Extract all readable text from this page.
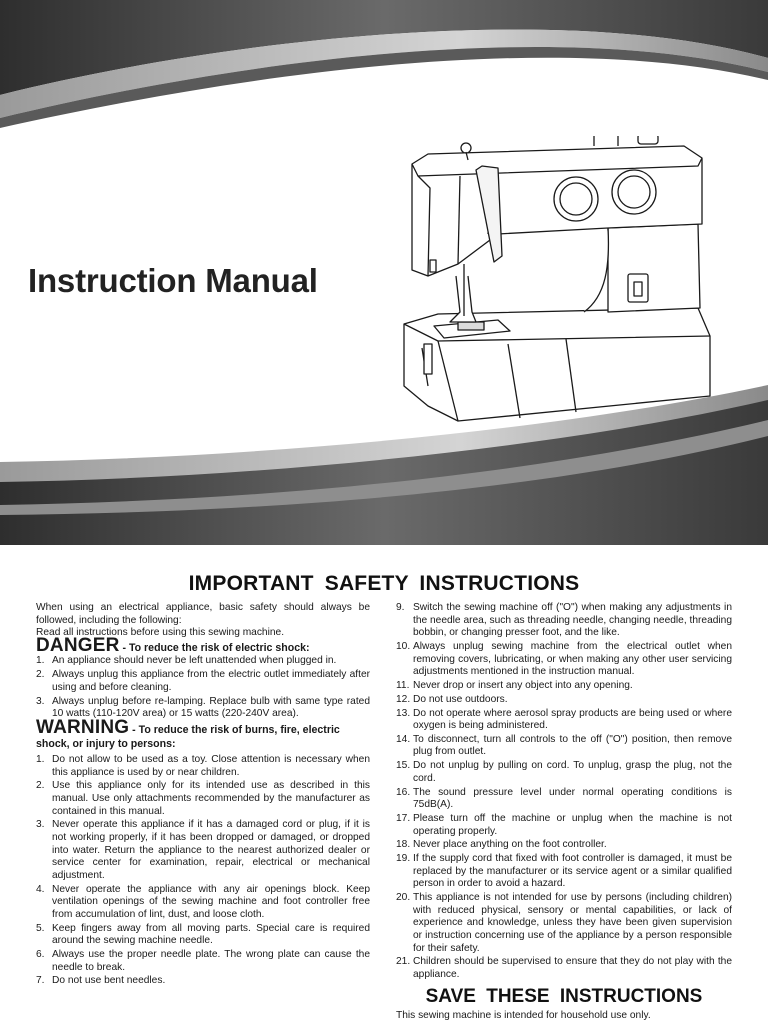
Instruction Manual
IMPORTANT SAFETY INSTRUCTIONS

When using an electrical appliance, basic safety should always be followed, including the following:

Read all instructions before using this sewing machine.

DANGER - To reduce the risk of electric shock:

1. An appliance should never be left unattended when plugged in.
2. Always unplug this appliance from the electric outlet immediately after using and before cleaning.
3. Always unplug before re-lamping. Replace bulb with same type rated 10 watts (110-120V area) or 15 watts (220-240V area).

WARNING - To reduce the risk of burns, fire, electric shock, or injury to persons:

1. Do not allow to be used as a toy. Close attention is necessary when this appliance is used by or near children.
2. Use this appliance only for its intended use as described in this manual. Use only attachments recommended by the manufacturer as contained in this manual.
3. Never operate this appliance if it has a damaged cord or plug, if it is not working properly, if it has been dropped or damaged, or dropped into water. Return the appliance to the nearest authorized dealer or service center for examination, repair, electrical or mechanical adjustment.
4. Never operate the appliance with any air openings block. Keep ventilation openings of the sewing machine and foot controller free from accumulation of lint, dust, and loose cloth.
5. Keep fingers away from all moving parts. Special care is required around the sewing machine needle.
6. Always use the proper needle plate. The wrong plate can cause the needle to break.
7. Do not use bent needles.
9. Switch the sewing machine off ("O") when making any adjustments in the needle area, such as threading needle, changing needle, threading bobbin, or changing presser foot, and the like.
10. Always unplug sewing machine from the electrical outlet when removing covers, lubricating, or when making any other user servicing adjustments mentioned in the instruction manual.
11. Never drop or insert any object into any opening.
12. Do not use outdoors.
13. Do not operate where aerosol spray products are being used or where oxygen is being administered.
14. To disconnect, turn all controls to the off ("O") position, then remove plug from outlet.
15. Do not unplug by pulling on cord. To unplug, grasp the plug, not the cord.
16. The sound pressure level under normal operating conditions is 75dB(A).
17. Please turn off the machine or unplug when the machine is not operating properly.
18. Never place anything on the foot controller.
19. If the supply cord that fixed with foot controller is damaged, it must be replaced by the manufacturer or its service agent or a similar qualified person in order to avoid a hazard.
20. This appliance is not intended for use by persons (including children) with reduced physical, sensory or mental capabilities, or lack of experience and knowledge, unless they have been given supervision or instruction concerning use of the appliance by a person responsible for their safety.
21. Children should be supervised to ensure that they do not play with the appliance.

SAVE THESE INSTRUCTIONS

This sewing machine is intended for household use only.
